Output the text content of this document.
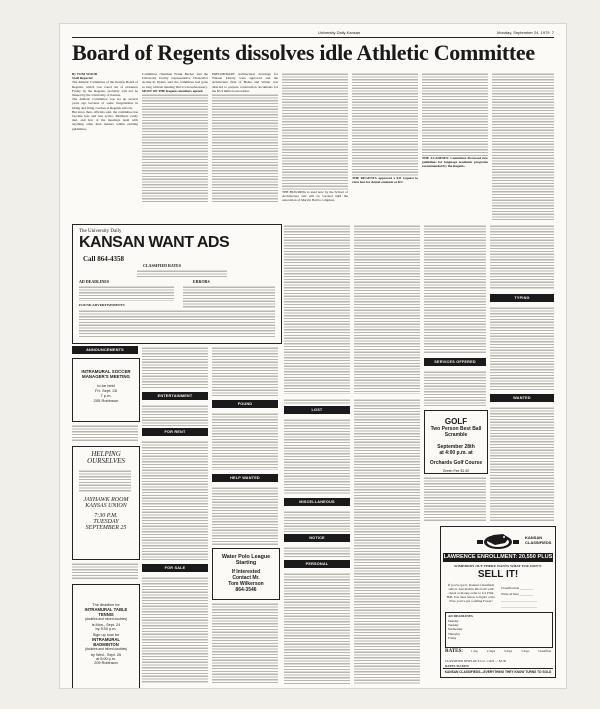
University Daily Kansan	Monday, September 24, 1979 7
Board of Regents dissolves idle Athletic Committee
By TONI WOOD
Staff Reporter
The Athletic Committee of the Kansas Board of Regents, which was voted out of existence Friday by the Regents, probably will not be missed by the University of Kansas.
The Athletic Committee was set up several years ago because of some irregularities in hiring and firing coaches at Regents schools.
But since then, officials said, the committee has become less and less active. Members rarely met, and few of the meetings dealt with anything other than matters within existing guidelines.
Committee chairman Frank Becker and the University faculty representative Chancellor Archie R. Dykes, said the committee had gone so long without meeting that it was unnecessary.
MOST OF THE Regents members agreed.
PRELIMINARY architectural drawings for Watson Library were approved and the architecture firm of Heinz and Walter was directed to prepare construction documents for the $5.4 million renovation.
THE BUILDING is used now by the School of Architecture and will be vacated until the renovation of Marvin Hall is complete.
THE REGENTS approved a $31 request to raise fees for dental students at KU.
THE ACADEMIC Committee discussed new guidelines for language academic programs recommended by the Regents.
The University Daily
KANSAN WANT ADS
Call 864-4358
CLASSIFIED RATES
AD DEADLINES	ERRORS
FOUND ADVERTISEMENTS
ANNOUNCEMENTS
INTRAMURAL SOCCER
MANAGER'S MEETING
to be held
Fri. Sept. 28
7 p.m.
205 Robinson
HELPING OURSELVES
JAYHAWK ROOM
KANSAS UNION
7:30 P.M.
TUESDAY
SEPTEMBER 25
The deadline for
INTRAMURAL TABLE
TENNIS
(doubles and mixed doubles)
is Mon., Sept. 24
by 5:00 p.m.
Sign up now for
INTRAMURAL
BADMINTON
(doubles and mixed doubles)
by Wed., Sept. 26
at 5:00 p.m.
205 Robinson
ENTERTAINMENT
FOR RENT
FOR SALE
FOUND
HELP WANTED
Water Polo League
Starting
If Interested
Contact Mr.
Tom Wilkerson
864-3546
LOST
MISCELLANEOUS
NOTICE
PERSONAL
SERVICES OFFERED
GOLF
Two Person Best Ball Scramble
September 28th
at 4:00 p.m. at
Orchards Golf Course
Green Fee $1.50
TYPING
WANTED
KANSAN
CLASSIFIEDS
LAWRENCE ENROLLMENT: 20,550 PLUS
SOMEBODY OUT THERE WANTS WHAT YOU DON'T.
SELL IT!
If you've got it, Kansan Classifieds sells it. Just mail in this form with check or money order to 111 Flint Hall. Use rates below to figure costs. Now you've got a selling Power!
Classification ________
Write ad here ________
______________________
______________________
AD DEADLINES
Monday
Tuesday
Wednesday
Thursday
Friday
RATES:	1 day	2 days	3 days	5 days	Classified
CLASSIFIED DISPLAY $ Col. 1 inch — $3.50
DATES TO RUN:
KANSAN CLASSIFIEDS—EVERYTHING THEY KNOW TURNS TO SOLD
